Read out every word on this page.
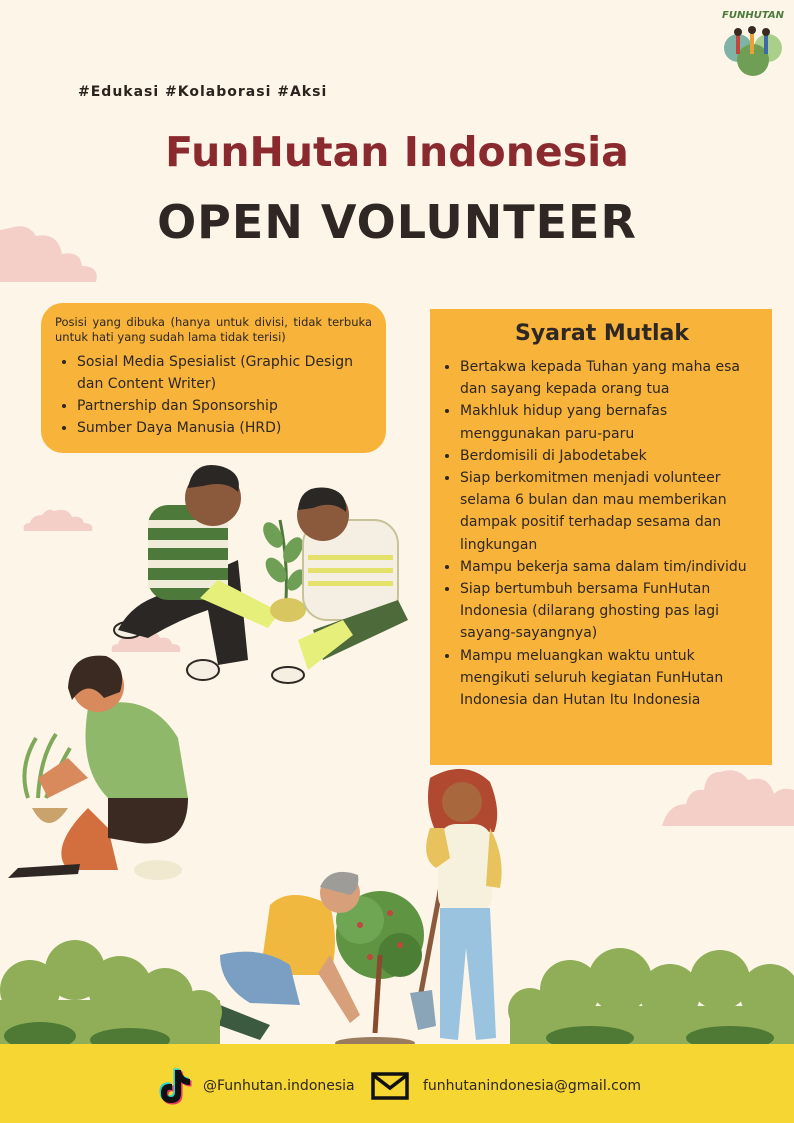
FUNHUTAN
#Edukasi #Kolaborasi #Aksi
FunHutan Indonesia
OPEN VOLUNTEER
Posisi yang dibuka (hanya untuk divisi, tidak terbuka untuk hati yang sudah lama tidak terisi)
• Sosial Media Spesialist (Graphic Design dan Content Writer)
• Partnership dan Sponsorship
• Sumber Daya Manusia (HRD)
Syarat Mutlak
• Bertakwa kepada Tuhan yang maha esa dan sayang kepada orang tua
• Makhluk hidup yang bernafas menggunakan paru-paru
• Berdomisili di Jabodetabek
• Siap berkomitmen menjadi volunteer selama 6 bulan dan mau memberikan dampak positif terhadap sesama dan lingkungan
• Mampu bekerja sama dalam tim/individu
• Siap bertumbuh bersama FunHutan Indonesia (dilarang ghosting pas lagi sayang-sayangnya)
• Mampu meluangkan waktu untuk mengikuti seluruh kegiatan FunHutan Indonesia dan Hutan Itu Indonesia
@Funhutan.indonesia	funhutanindonesia@gmail.com
